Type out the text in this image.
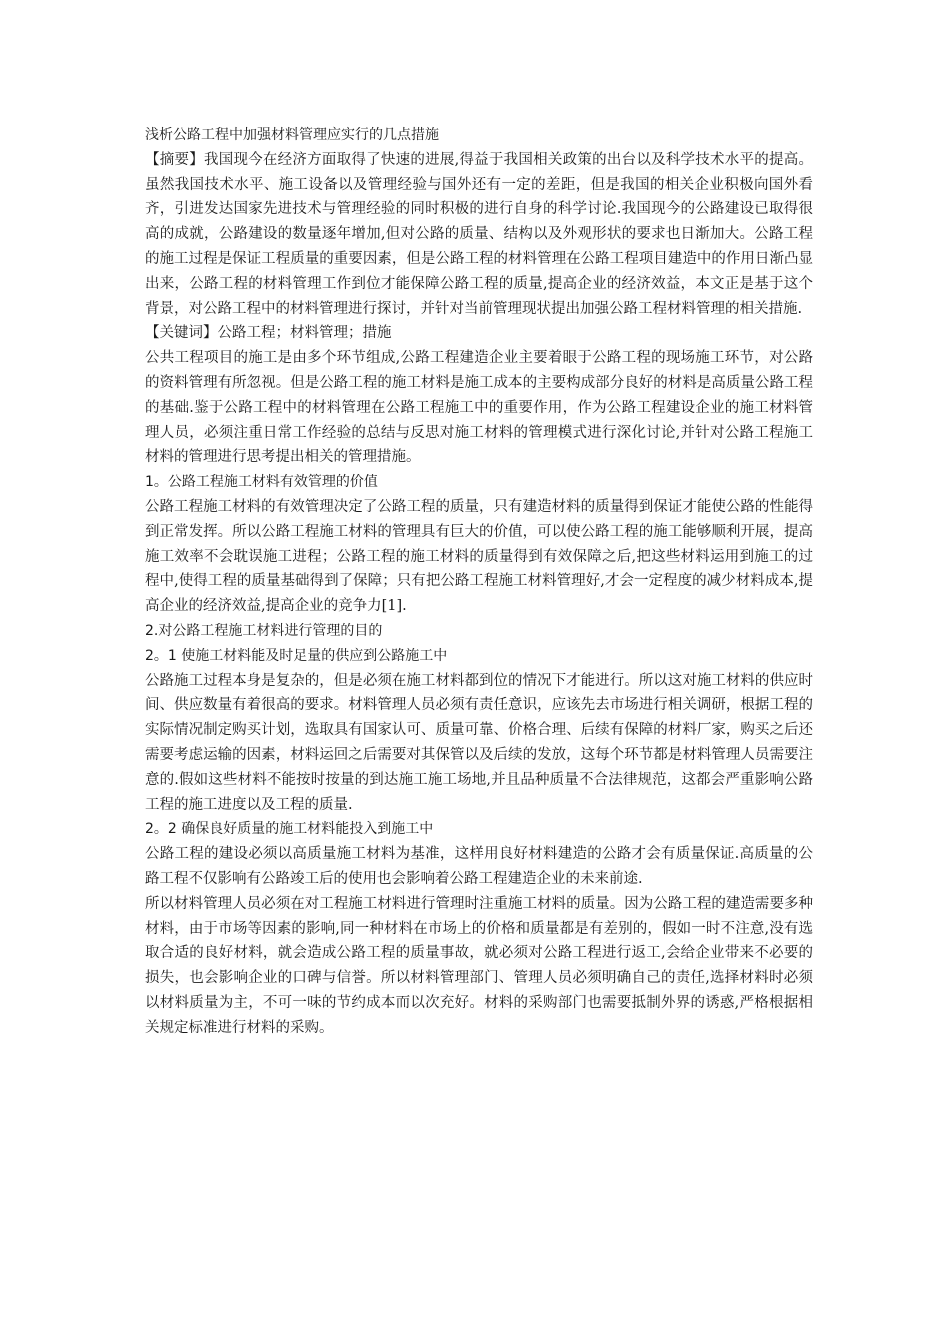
浅析公路工程中加强材料管理应实行的几点措施

【摘要】我国现今在经济方面取得了快速的进展,得益于我国相关政策的出台以及科学技术水平的提高。虽然我国技术水平、施工设备以及管理经验与国外还有一定的差距，但是我国的相关企业积极向国外看齐，引进发达国家先进技术与管理经验的同时积极的进行自身的科学讨论.我国现今的公路建设已取得很高的成就，公路建设的数量逐年增加,但对公路的质量、结构以及外观形状的要求也日渐加大。公路工程的施工过程是保证工程质量的重要因素，但是公路工程的材料管理在公路工程项目建造中的作用日渐凸显出来，公路工程的材料管理工作到位才能保障公路工程的质量,提高企业的经济效益，本文正是基于这个背景，对公路工程中的材料管理进行探讨，并针对当前管理现状提出加强公路工程材料管理的相关措施.

【关键词】公路工程；材料管理；措施

公共工程项目的施工是由多个环节组成,公路工程建造企业主要着眼于公路工程的现场施工环节，对公路的资料管理有所忽视。但是公路工程的施工材料是施工成本的主要构成部分良好的材料是高质量公路工程的基础.鉴于公路工程中的材料管理在公路工程施工中的重要作用，作为公路工程建设企业的施工材料管理人员，必须注重日常工作经验的总结与反思对施工材料的管理模式进行深化讨论,并针对公路工程施工材料的管理进行思考提出相关的管理措施。

1。公路工程施工材料有效管理的价值

公路工程施工材料的有效管理决定了公路工程的质量，只有建造材料的质量得到保证才能使公路的性能得到正常发挥。所以公路工程施工材料的管理具有巨大的价值，可以使公路工程的施工能够顺利开展，提高施工效率不会耽误施工进程；公路工程的施工材料的质量得到有效保障之后,把这些材料运用到施工的过程中,使得工程的质量基础得到了保障；只有把公路工程施工材料管理好,才会一定程度的减少材料成本,提高企业的经济效益,提高企业的竞争力[1].

2.对公路工程施工材料进行管理的目的

2。1 使施工材料能及时足量的供应到公路施工中

公路施工过程本身是复杂的，但是必须在施工材料都到位的情况下才能进行。所以这对施工材料的供应时间、供应数量有着很高的要求。材料管理人员必须有责任意识，应该先去市场进行相关调研，根据工程的实际情况制定购买计划，选取具有国家认可、质量可靠、价格合理、后续有保障的材料厂家，购买之后还需要考虑运输的因素，材料运回之后需要对其保管以及后续的发放，这每个环节都是材料管理人员需要注意的.假如这些材料不能按时按量的到达施工施工场地,并且品种质量不合法律规范，这都会严重影响公路工程的施工进度以及工程的质量.

2。2 确保良好质量的施工材料能投入到施工中

公路工程的建设必须以高质量施工材料为基准，这样用良好材料建造的公路才会有质量保证.高质量的公路工程不仅影响有公路竣工后的使用也会影响着公路工程建造企业的未来前途.

所以材料管理人员必须在对工程施工材料进行管理时注重施工材料的质量。因为公路工程的建造需要多种材料，由于市场等因素的影响,同一种材料在市场上的价格和质量都是有差别的，假如一时不注意,没有选取合适的良好材料，就会造成公路工程的质量事故，就必须对公路工程进行返工,会给企业带来不必要的损失，也会影响企业的口碑与信誉。所以材料管理部门、管理人员必须明确自己的责任,选择材料时必须以材料质量为主，不可一味的节约成本而以次充好。材料的采购部门也需要抵制外界的诱惑,严格根据相关规定标准进行材料的采购。
